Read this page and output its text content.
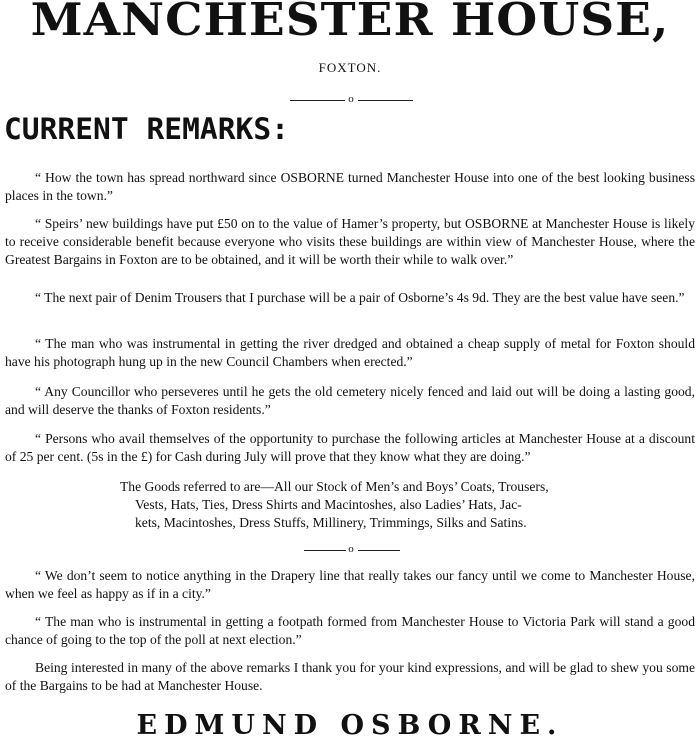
MANCHESTER HOUSE,
FOXTON.
o
CURRENT REMARKS:
“ How the town has spread northward since OSBORNE turned Manchester House into one of the best looking business places in the town.”
“ Speirs’ new buildings have put £50 on to the value of Hamer’s property, but OSBORNE at Manchester House is likely to receive considerable benefit because everyone who visits these buildings are within view of Manchester House, where the Greatest Bargains in Foxton are to be obtained, and it will be worth their while to walk over.”
“ The next pair of Denim Trousers that I purchase will be a pair of Osborne’s 4s 9d. They are the best value have seen.”
“ The man who was instrumental in getting the river dredged and obtained a cheap supply of metal for Foxton should have his photograph hung up in the new Council Chambers when erected.”
“ Any Councillor who perseveres until he gets the old cemetery nicely fenced and laid out will be doing a lasting good, and will deserve the thanks of Foxton residents.”
“ Persons who avail themselves of the opportunity to purchase the following articles at Manchester House at a discount of 25 per cent. (5s in the £) for Cash during July will prove that they know what they are doing.”
The Goods referred to are—All our Stock of Men’s and Boys’ Coats, Trousers,
Vests, Hats, Ties, Dress Shirts and Macintoshes, also Ladies’ Hats, Jac-
kets, Macintoshes, Dress Stuffs, Millinery, Trimmings, Silks and Satins.
o
“ We don’t seem to notice anything in the Drapery line that really takes our fancy until we come to Manchester House, when we feel as happy as if in a city.”
“ The man who is instrumental in getting a footpath formed from Manchester House to Victoria Park will stand a good chance of going to the top of the poll at next election.”
Being interested in many of the above remarks I thank you for your kind expressions, and will be glad to shew you some of the Bargains to be had at Manchester House.
EDMUND OSBORNE.
